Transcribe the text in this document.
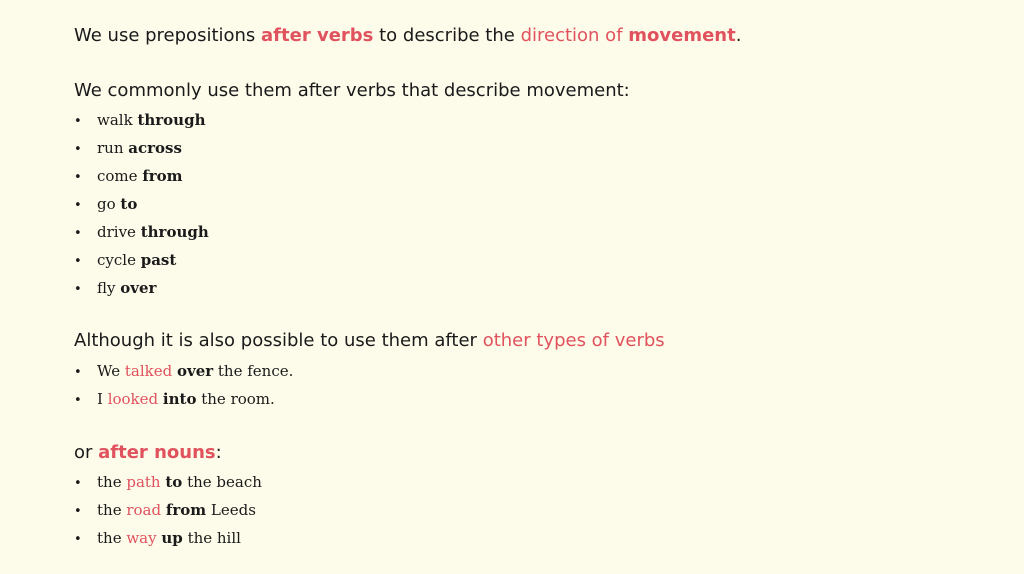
We use prepositions after verbs to describe the direction of movement.
We commonly use them after verbs that describe movement:
• walk through
• run across
• come from
• go to
• drive through
• cycle past
• fly over
Although it is also possible to use them after other types of verbs
• We talked over the fence.
• I looked into the room.
or after nouns:
• the path to the beach
• the road from Leeds
• the way up the hill
